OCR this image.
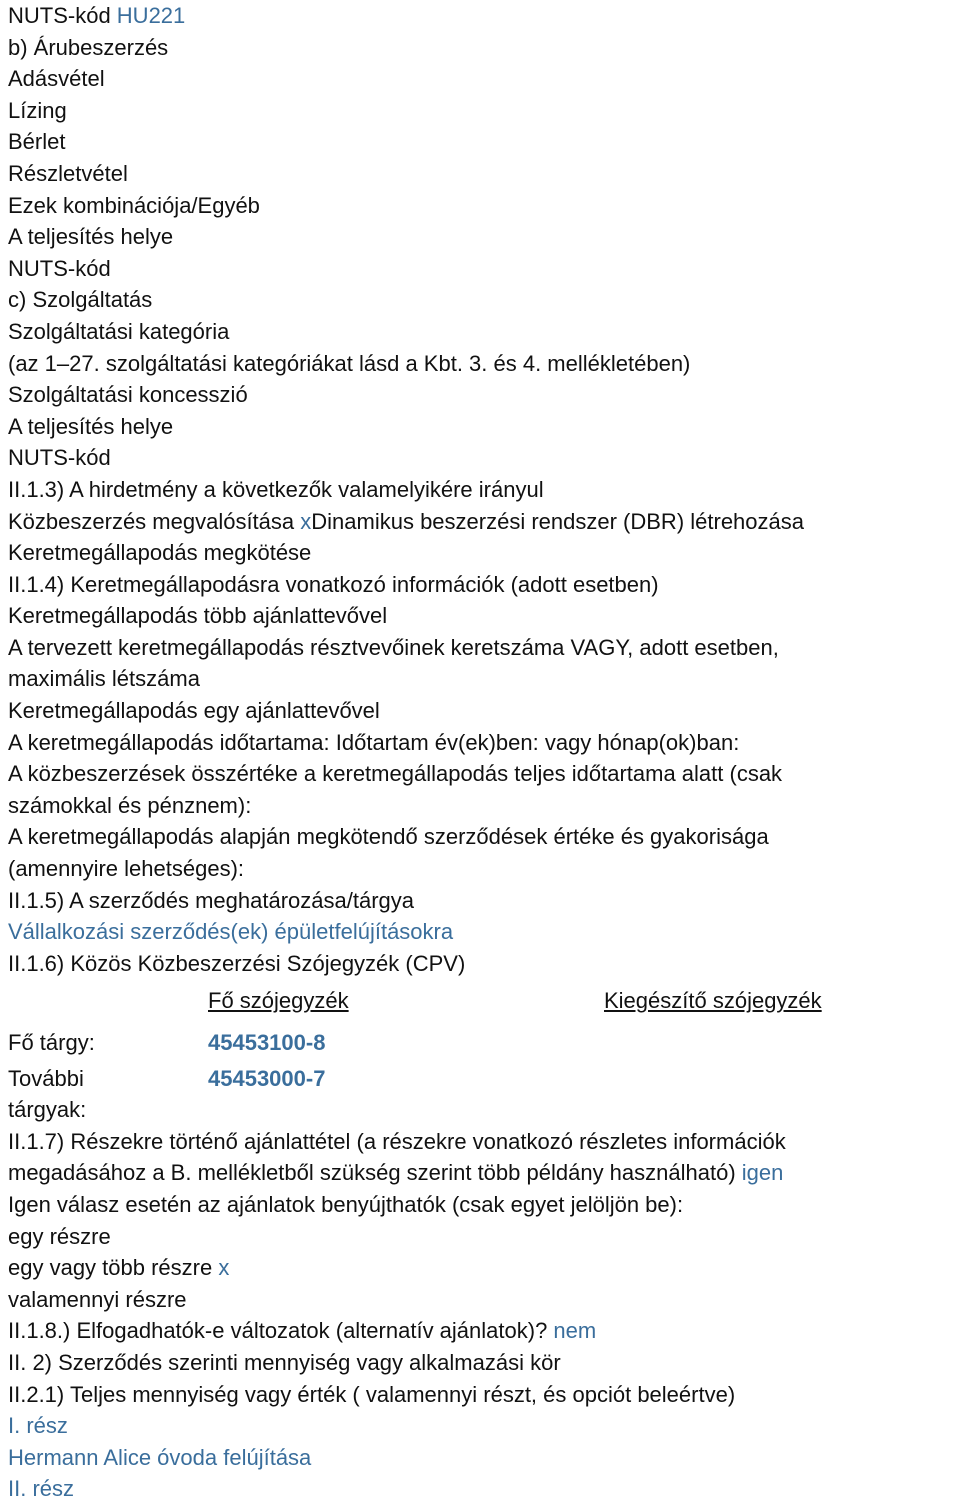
NUTS-kód HU221
b) Árubeszerzés
Adásvétel
Lízing
Bérlet
Részletvétel
Ezek kombinációja/Egyéb
A teljesítés helye
NUTS-kód
c) Szolgáltatás
Szolgáltatási kategória
(az 1–27. szolgáltatási kategóriákat lásd a Kbt. 3. és 4. mellékletében)
Szolgáltatási koncesszió
A teljesítés helye
NUTS-kód
II.1.3) A hirdetmény a következők valamelyikére irányul
Közbeszerzés megvalósítása xDinamikus beszerzési rendszer (DBR) létrehozása
Keretmegállapodás megkötése
II.1.4) Keretmegállapodásra vonatkozó információk (adott esetben)
Keretmegállapodás több ajánlattevővel
A tervezett keretmegállapodás résztvevőinek keretszáma VAGY, adott esetben,
maximális létszáma
Keretmegállapodás egy ajánlattevővel
A keretmegállapodás időtartama: Időtartam év(ek)ben: vagy hónap(ok)ban:
A közbeszerzések összértéke a keretmegállapodás teljes időtartama alatt (csak
számokkal és pénznem):
A keretmegállapodás alapján megkötendő szerződések értéke és gyakorisága
(amennyire lehetséges):
II.1.5) A szerződés meghatározása/tárgya
Vállalkozási szerződés(ek) épületfelújításokra
II.1.6) Közös Közbeszerzési Szójegyzék (CPV)
Fő szójegyzék	Kiegészítő szójegyzék
Fő tárgy:	45453100-8
További
tárgyak:
45453000-7
II.1.7) Részekre történő ajánlattétel (a részekre vonatkozó részletes információk
megadásához a B. mellékletből szükség szerint több példány használható) igen
Igen válasz esetén az ajánlatok benyújthatók (csak egyet jelöljön be):
egy részre
egy vagy több részre x
valamennyi részre
II.1.8.) Elfogadhatók-e változatok (alternatív ajánlatok)? nem
II. 2) Szerződés szerinti mennyiség vagy alkalmazási kör
II.2.1) Teljes mennyiség vagy érték ( valamennyi részt, és opciót beleértve)
I. rész
Hermann Alice óvoda felújítása
II. rész
